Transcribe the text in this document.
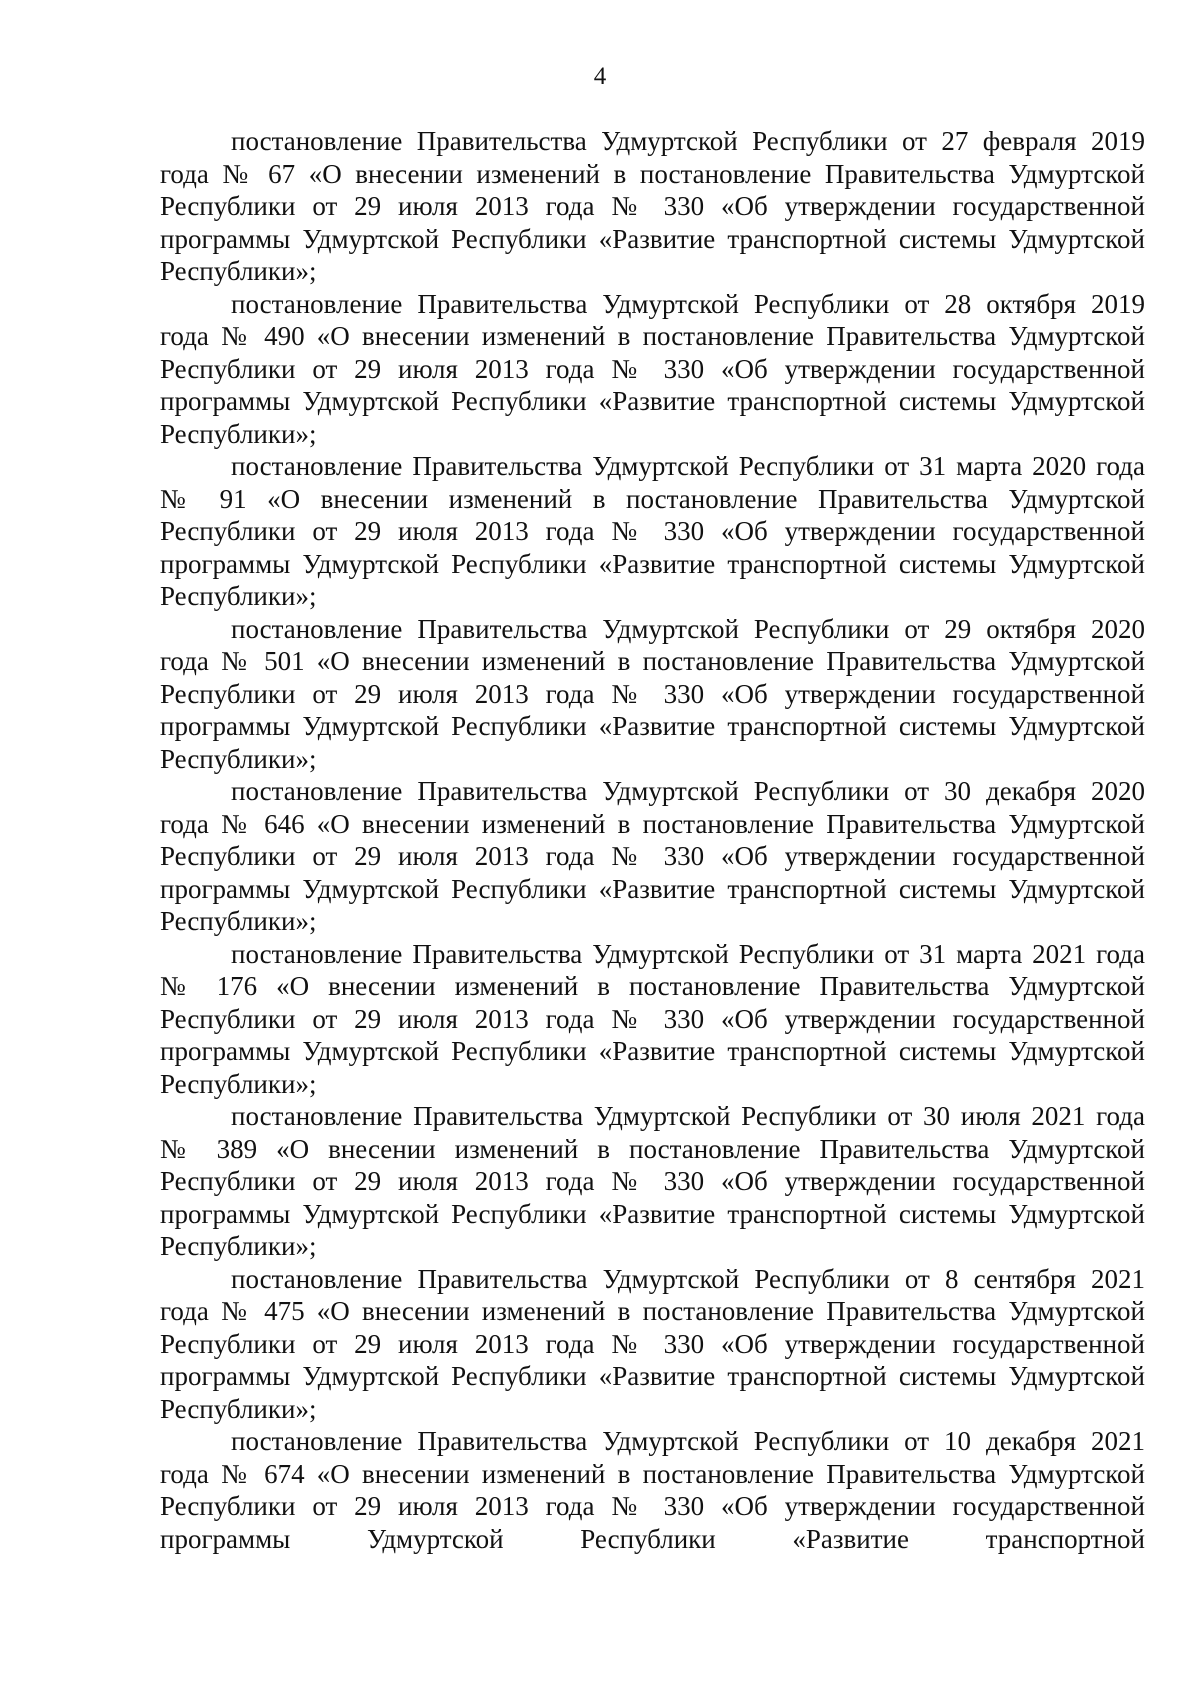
4

постановление Правительства Удмуртской Республики от 27 февраля 2019 года № 67 «О внесении изменений в постановление Правительства Удмуртской Республики от 29 июля 2013 года № 330 «Об утверждении государственной программы Удмуртской Республики «Развитие транспортной системы Удмуртской Республики»;

постановление Правительства Удмуртской Республики от 28 октября 2019 года № 490 «О внесении изменений в постановление Правительства Удмуртской Республики от 29 июля 2013 года № 330 «Об утверждении государственной программы Удмуртской Республики «Развитие транспортной системы Удмуртской Республики»;

постановление Правительства Удмуртской Республики от 31 марта 2020 года № 91 «О внесении изменений в постановление Правительства Удмуртской Республики от 29 июля 2013 года № 330 «Об утверждении государственной программы Удмуртской Республики «Развитие транспортной системы Удмуртской Республики»;

постановление Правительства Удмуртской Республики от 29 октября 2020 года № 501 «О внесении изменений в постановление Правительства Удмуртской Республики от 29 июля 2013 года № 330 «Об утверждении государственной программы Удмуртской Республики «Развитие транспортной системы Удмуртской Республики»;

постановление Правительства Удмуртской Республики от 30 декабря 2020 года № 646 «О внесении изменений в постановление Правительства Удмуртской Республики от 29 июля 2013 года № 330 «Об утверждении государственной программы Удмуртской Республики «Развитие транспортной системы Удмуртской Республики»;

постановление Правительства Удмуртской Республики от 31 марта 2021 года № 176 «О внесении изменений в постановление Правительства Удмуртской Республики от 29 июля 2013 года № 330 «Об утверждении государственной программы Удмуртской Республики «Развитие транспортной системы Удмуртской Республики»;

постановление Правительства Удмуртской Республики от 30 июля 2021 года № 389 «О внесении изменений в постановление Правительства Удмуртской Республики от 29 июля 2013 года № 330 «Об утверждении государственной программы Удмуртской Республики «Развитие транспортной системы Удмуртской Республики»;

постановление Правительства Удмуртской Республики от 8 сентября 2021 года № 475 «О внесении изменений в постановление Правительства Удмуртской Республики от 29 июля 2013 года № 330 «Об утверждении государственной программы Удмуртской Республики «Развитие транспортной системы Удмуртской Республики»;

постановление Правительства Удмуртской Республики от 10 декабря 2021 года № 674 «О внесении изменений в постановление Правительства Удмуртской Республики от 29 июля 2013 года № 330 «Об утверждении государственной программы Удмуртской Республики «Развитие транспортной
